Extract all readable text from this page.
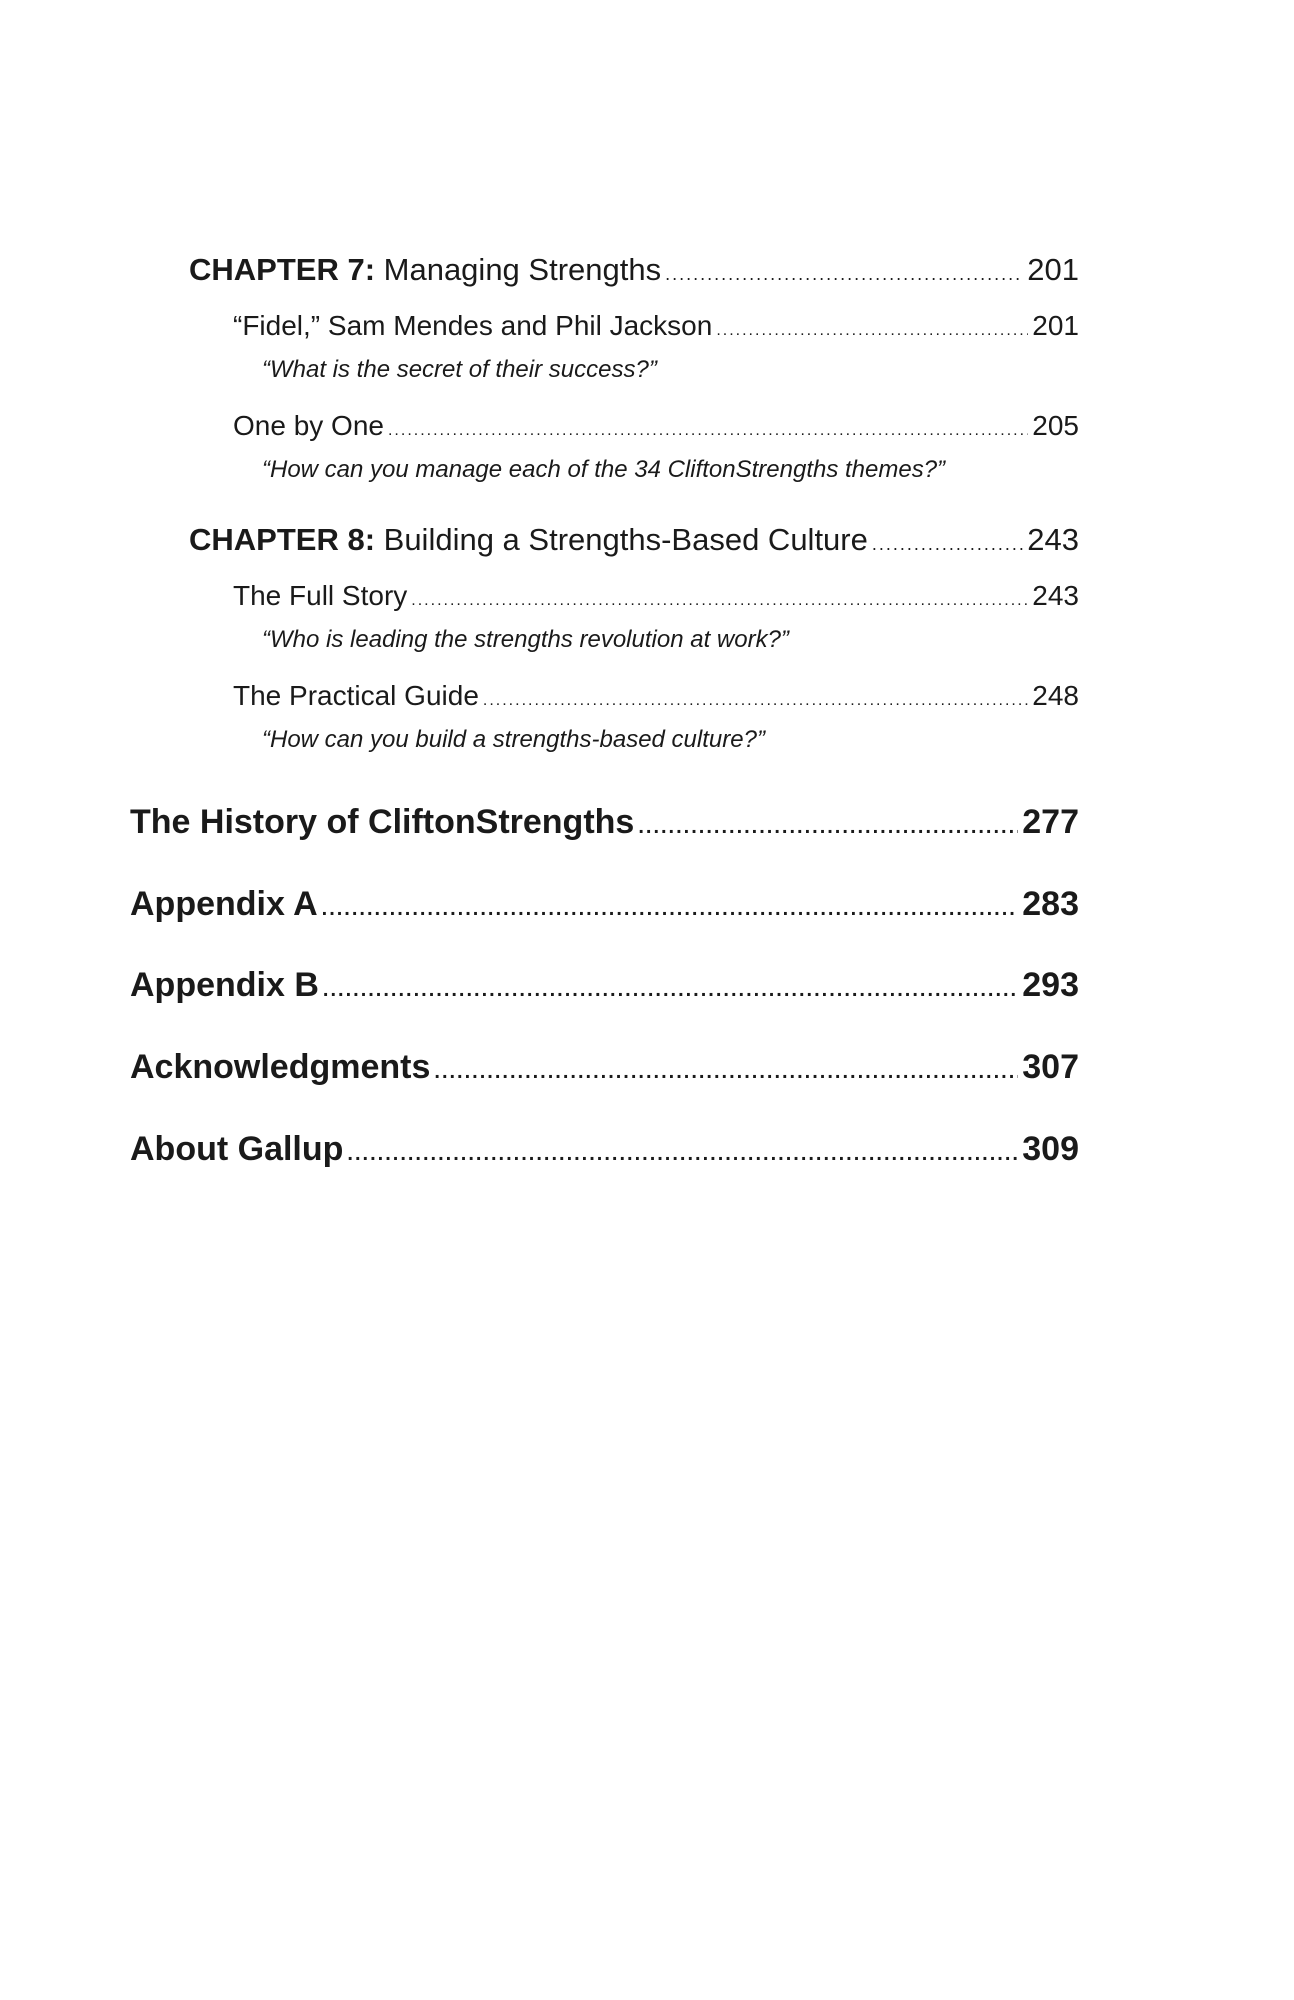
CHAPTER 7: Managing Strengths .....	201
“Fidel,” Sam Mendes and Phil Jackson .....	201
“What is the secret of their success?”
One by One .....	205
“How can you manage each of the 34 CliftonStrengths themes?”
CHAPTER 8: Building a Strengths-Based Culture .....	243
The Full Story .....	243
“Who is leading the strengths revolution at work?”
The Practical Guide .....	248
“How can you build a strengths-based culture?”
The History of CliftonStrengths .....	277
Appendix A .....	283
Appendix B .....	293
Acknowledgments .....	307
About Gallup .....	309
